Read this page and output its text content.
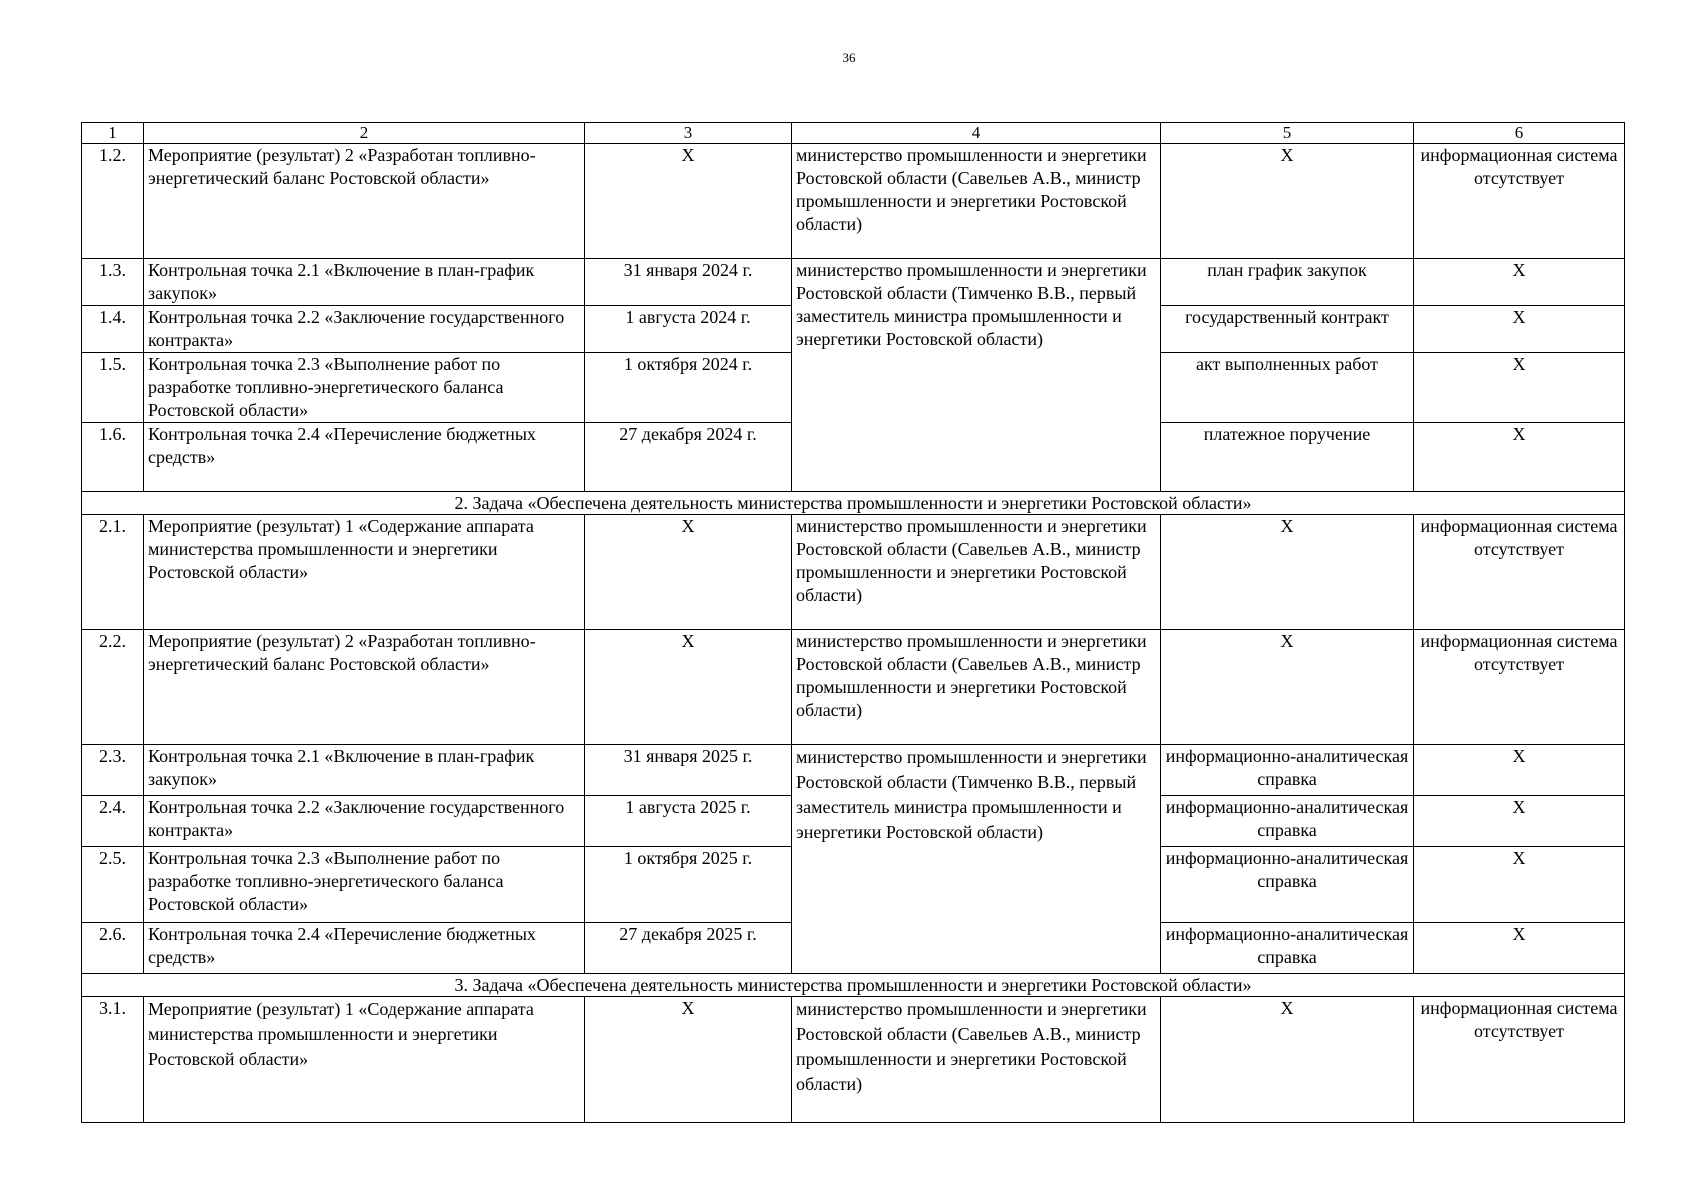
36
1	2	3	4	5	6
1.2.	Мероприятие (результат) 2 «Разработан топливно-энергетический баланс Ростовской области»	Х	министерство промышленности и энергетики Ростовской области (Савельев А.В., министр промышленности и энергетики Ростовской области)	Х	информационная система отсутствует
1.3.	Контрольная точка 2.1 «Включение в план-график закупок»	31 января 2024 г.	министерство промышленности и энергетики Ростовской области (Тимченко В.В., первый заместитель министра промышленности и энергетики Ростовской области)	план график закупок	Х
1.4.	Контрольная точка 2.2 «Заключение государственного контракта»	1 августа 2024 г.		государственный контракт	Х
1.5.	Контрольная точка 2.3 «Выполнение работ по разработке топливно-энергетического баланса Ростовской области»	1 октября 2024 г.		акт выполненных работ	Х
1.6.	Контрольная точка 2.4 «Перечисление бюджетных средств»	27 декабря 2024 г.		платежное поручение	Х
2. Задача «Обеспечена деятельность министерства промышленности и энергетики Ростовской области»					
2.1.	Мероприятие (результат) 1 «Содержание аппарата министерства промышленности и энергетики Ростовской области»	Х	министерство промышленности и энергетики Ростовской области (Савельев А.В., министр промышленности и энергетики Ростовской области)	Х	информационная система отсутствует
2.2.	Мероприятие (результат) 2 «Разработан топливно-энергетический баланс Ростовской области»	Х	министерство промышленности и энергетики Ростовской области (Савельев А.В., министр промышленности и энергетики Ростовской области)	Х	информационная система отсутствует
2.3.	Контрольная точка 2.1 «Включение в план-график закупок»	31 января 2025 г.	министерство промышленности и энергетики Ростовской области (Тимченко В.В., первый заместитель министра промышленности и энергетики Ростовской области)	информационно-аналитическая справка	Х
2.4.	Контрольная точка 2.2 «Заключение государственного контракта»	1 августа 2025 г.		информационно-аналитическая справка	Х
2.5.	Контрольная точка 2.3 «Выполнение работ по разработке топливно-энергетического баланса Ростовской области»	1 октября 2025 г.		информационно-аналитическая справка	Х
2.6.	Контрольная точка 2.4 «Перечисление бюджетных средств»	27 декабря 2025 г.		информационно-аналитическая справка	Х
3. Задача «Обеспечена деятельность министерства промышленности и энергетики Ростовской области»					
3.1.	Мероприятие (результат) 1 «Содержание аппарата министерства промышленности и энергетики Ростовской области»	Х	министерство промышленности и энергетики Ростовской области (Савельев А.В., министр промышленности и энергетики Ростовской области)	Х	информационная система отсутствует
